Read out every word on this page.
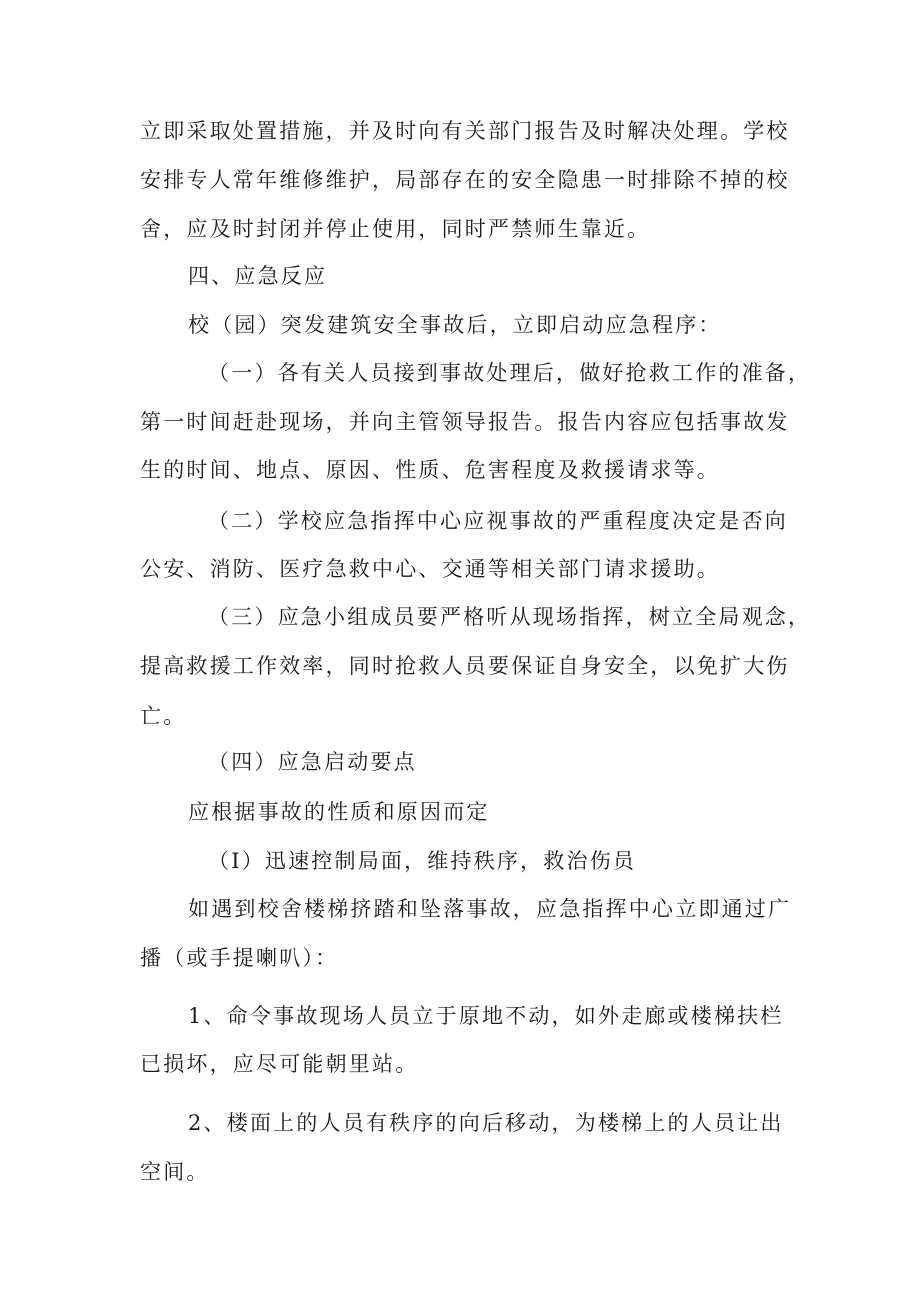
立即采取处置措施，并及时向有关部门报告及时解决处理。学校
安排专人常年维修维护，局部存在的安全隐患一时排除不掉的校
舍，应及时封闭并停止使用，同时严禁师生靠近。
四、应急反应
校（园）突发建筑安全事故后，立即启动应急程序：
（一）各有关人员接到事故处理后，做好抢救工作的准备，
第一时间赶赴现场，并向主管领导报告。报告内容应包括事故发
生的时间、地点、原因、性质、危害程度及救援请求等。
（二）学校应急指挥中心应视事故的严重程度决定是否向
公安、消防、医疗急救中心、交通等相关部门请求援助。
（三）应急小组成员要严格听从现场指挥，树立全局观念，
提高救援工作效率，同时抢救人员要保证自身安全，以免扩大伤
亡。
（四）应急启动要点
应根据事故的性质和原因而定
（I）迅速控制局面，维持秩序，救治伤员
如遇到校舍楼梯挤踏和坠落事故，应急指挥中心立即通过广
播（或手提喇叭）：
1、命令事故现场人员立于原地不动，如外走廊或楼梯扶栏
已损坏，应尽可能朝里站。
2、楼面上的人员有秩序的向后移动，为楼梯上的人员让出
空间。
